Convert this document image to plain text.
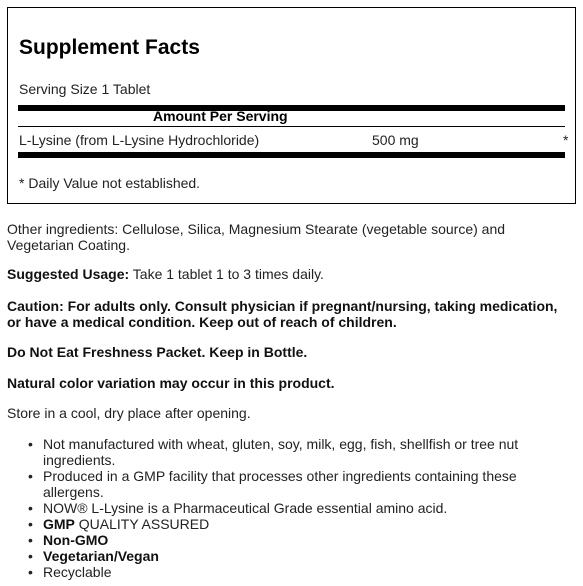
Supplement Facts
Serving Size 1 Tablet
Amount Per Serving
L-Lysine (from L-Lysine Hydrochloride)	500 mg	*
* Daily Value not established.

Other ingredients: Cellulose, Silica, Magnesium Stearate (vegetable source) and Vegetarian Coating.

Suggested Usage: Take 1 tablet 1 to 3 times daily.

Caution: For adults only. Consult physician if pregnant/nursing, taking medication, or have a medical condition. Keep out of reach of children.

Do Not Eat Freshness Packet. Keep in Bottle.

Natural color variation may occur in this product.

Store in a cool, dry place after opening.

• Not manufactured with wheat, gluten, soy, milk, egg, fish, shellfish or tree nut ingredients.
• Produced in a GMP facility that processes other ingredients containing these allergens.
• NOW® L-Lysine is a Pharmaceutical Grade essential amino acid.
• GMP QUALITY ASSURED
• Non-GMO
• Vegetarian/Vegan
• Recyclable
